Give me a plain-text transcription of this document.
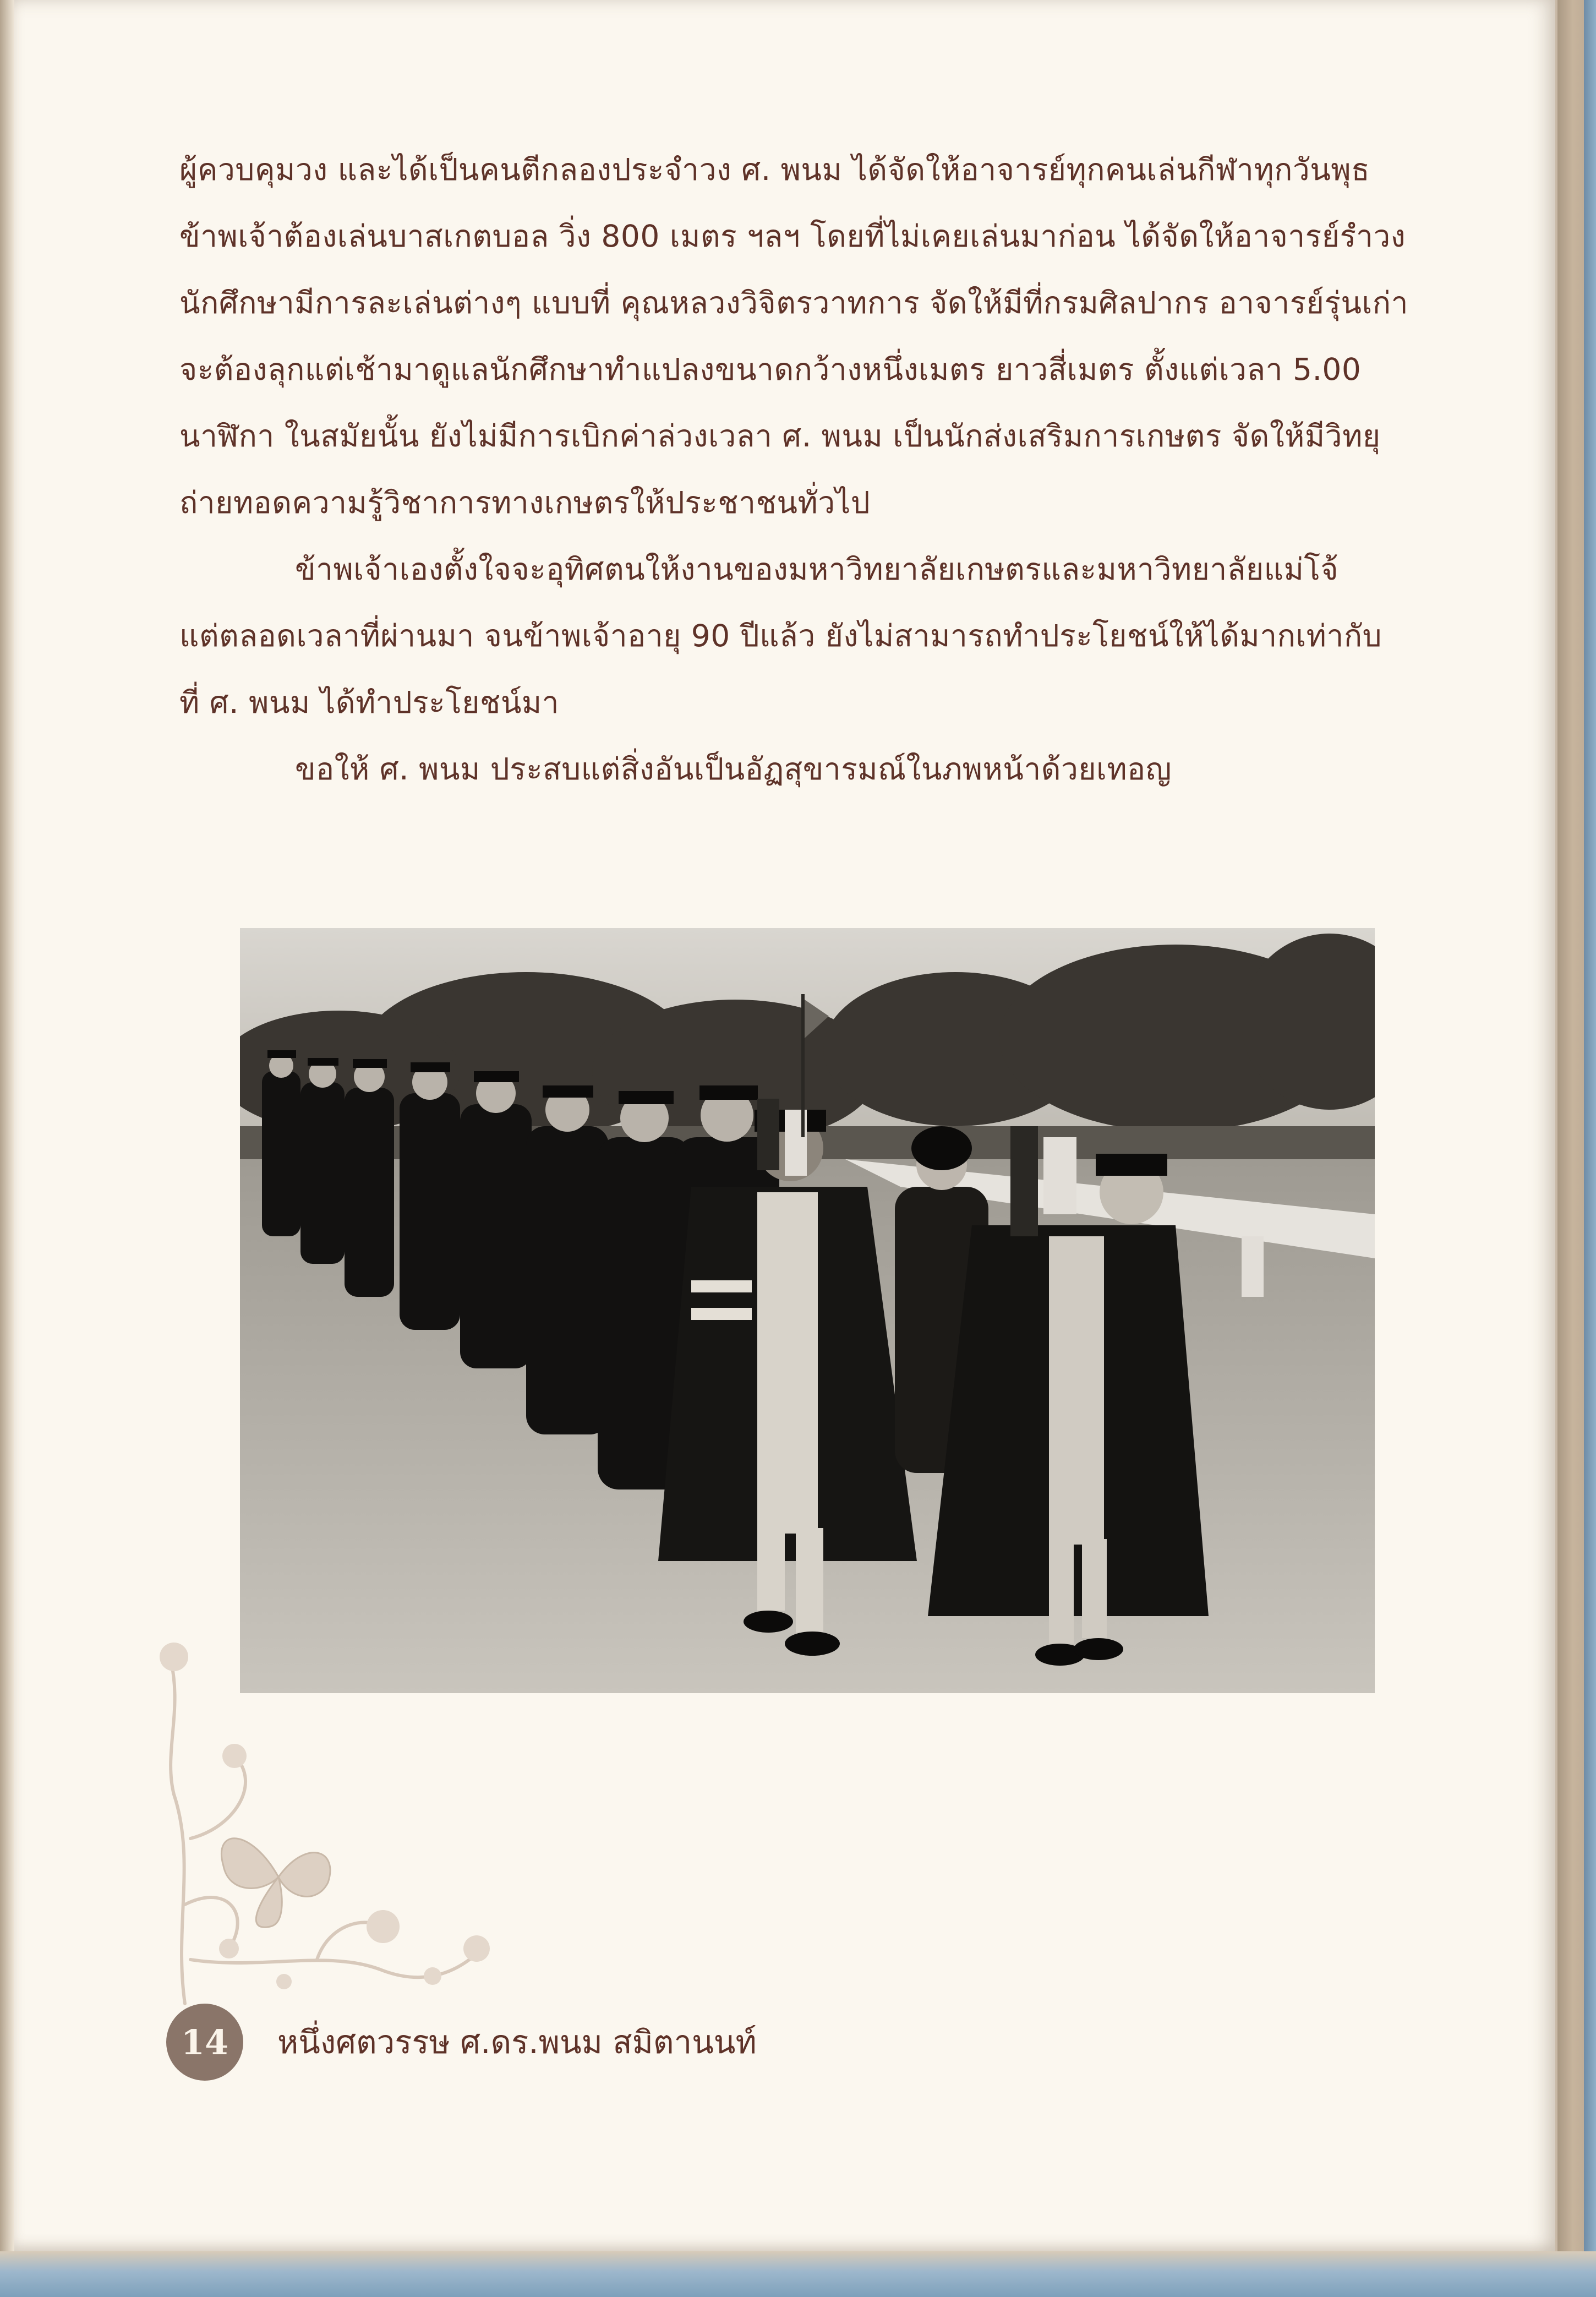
ผู้ควบคุมวง และได้เป็นคนตีกลองประจำวง ศ. พนม ได้จัดให้อาจารย์ทุกคนเล่นกีฬาทุกวันพุธ
ข้าพเจ้าต้องเล่นบาสเกตบอล วิ่ง 800 เมตร ฯลฯ โดยที่ไม่เคยเล่นมาก่อน ได้จัดให้อาจารย์รำวง
นักศึกษามีการละเล่นต่างๆ แบบที่ คุณหลวงวิจิตรวาทการ จัดให้มีที่กรมศิลปากร อาจารย์รุ่นเก่า
จะต้องลุกแต่เช้ามาดูแลนักศึกษาทำแปลงขนาดกว้างหนึ่งเมตร ยาวสี่เมตร ตั้งแต่เวลา 5.00
นาฬิกา ในสมัยนั้น ยังไม่มีการเบิกค่าล่วงเวลา ศ. พนม เป็นนักส่งเสริมการเกษตร จัดให้มีวิทยุ
ถ่ายทอดความรู้วิชาการทางเกษตรให้ประชาชนทั่วไป

ข้าพเจ้าเองตั้งใจจะอุทิศตนให้งานของมหาวิทยาลัยเกษตรและมหาวิทยาลัยแม่โจ้
แต่ตลอดเวลาที่ผ่านมา จนข้าพเจ้าอายุ 90 ปีแล้ว ยังไม่สามารถทำประโยชน์ให้ได้มากเท่ากับ
ที่ ศ. พนม ได้ทำประโยชน์มา

ขอให้ ศ. พนม ประสบแต่สิ่งอันเป็นอัฏสุขารมณ์ในภพหน้าด้วยเทอญ

14 หนึ่งศตวรรษ ศ.ดร.พนม สมิตานนท์
